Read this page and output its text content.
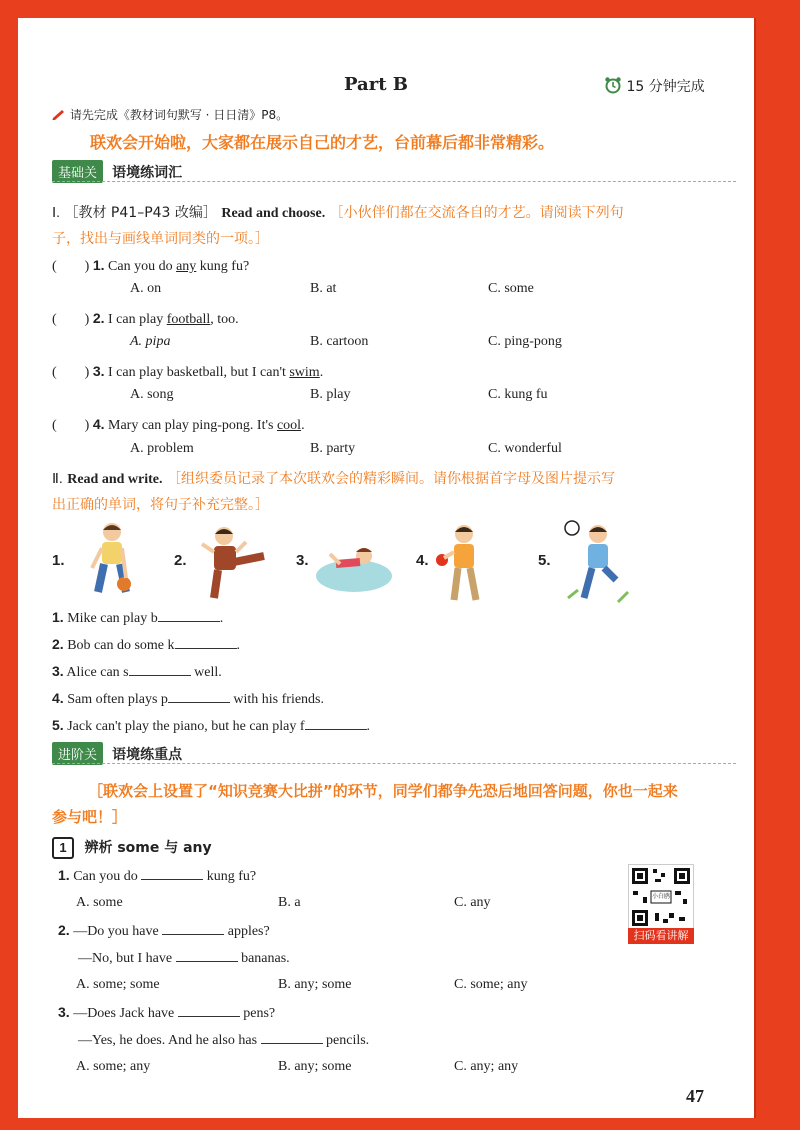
Part B	15 分钟完成
请先完成《教材词句默写 · 日日清》P8。
联欢会开始啦，大家都在展示自己的才艺，台前幕后都非常精彩。
基础关 语境练词汇
Ⅰ. ［教材 P41–P43 改编］ Read and choose. ［小伙伴们都在交流各自的才艺。请阅读下列句
子，找出与画线单词同类的一项。］
(　　) 1. Can you do any kung fu?
A. on	B. at	C. some
(　　) 2. I can play football, too.
A. pipa	B. cartoon	C. ping-pong
(　　) 3. I can play basketball, but I can't swim.
A. song	B. play	C. kung fu
(　　) 4. Mary can play ping-pong. It's cool.
A. problem	B. party	C. wonderful
Ⅱ. Read and write. ［组织委员记录了本次联欢会的精彩瞬间。请你根据首字母及图片提示写
出正确的单词，将句子补充完整。］
1.	2.	3.	4.	5.
1. Mike can play b	.
2. Bob can do some k	.
3. Alice can s	well.
4. Sam often plays p	with his friends.
5. Jack can't play the piano, but he can play f	.
进阶关 语境练重点
［联欢会上设置了“知识竞赛大比拼”的环节，同学们都争先恐后地回答问题，你也一起来
参与吧！］
1 辨析 some 与 any
小白鸥
扫码看讲解
1. Can you do	kung fu?
A. some	B. a	C. any
2. —Do you have	apples?
—No, but I have	bananas.
A. some; some	B. any; some	C. some; any
3. —Does Jack have	pens?
—Yes, he does. And he also has	pencils.
A. some; any	B. any; some	C. any; any
47
